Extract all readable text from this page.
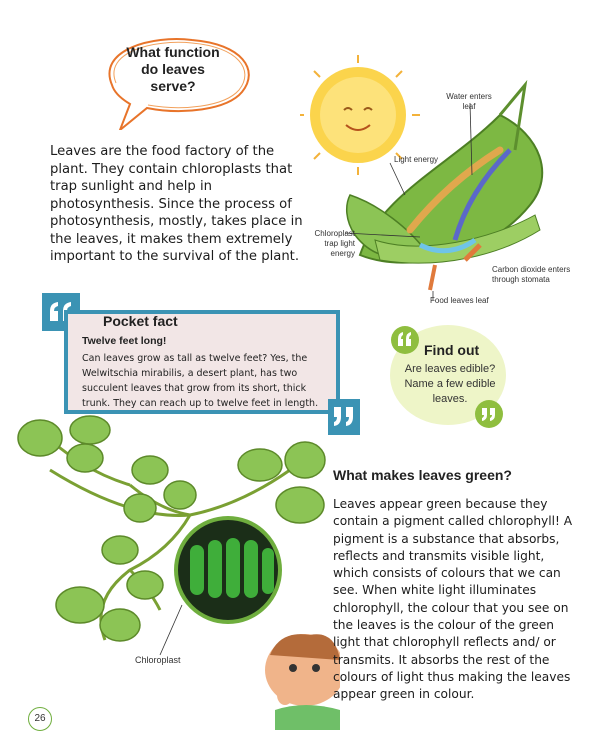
What function do leaves serve?
Leaves are the food factory of the plant. They contain chloroplasts that trap sunlight and help in photosynthesis. Since the process of photosynthesis, mostly, takes place in the leaves, it makes them extremely important to the survival of the plant.
Water enters leaf
Light energy
Chloroplast trap light energy
Carbon dioxide enters through stomata
Food leaves leaf
Twelve feet long!
Can leaves grow as tall as twelve feet? Yes, the Welwitschia mirabilis, a desert plant, has two succulent leaves that grow from its short, thick trunk. They can reach up to twelve feet in length.
Pocket fact
Find out
Are leaves edible? Name a few edible leaves.
Chloroplast
What makes leaves green?
Leaves appear green because they contain a pigment called chlorophyll! A pigment is a substance that absorbs, reflects and transmits visible light, which consists of colours that we can see. When white light illuminates chlorophyll, the colour that you see on the leaves is the colour of the green light that chlorophyll reflects and/ or transmits. It absorbs the rest of the colours of light thus making the leaves appear green in colour.
26
